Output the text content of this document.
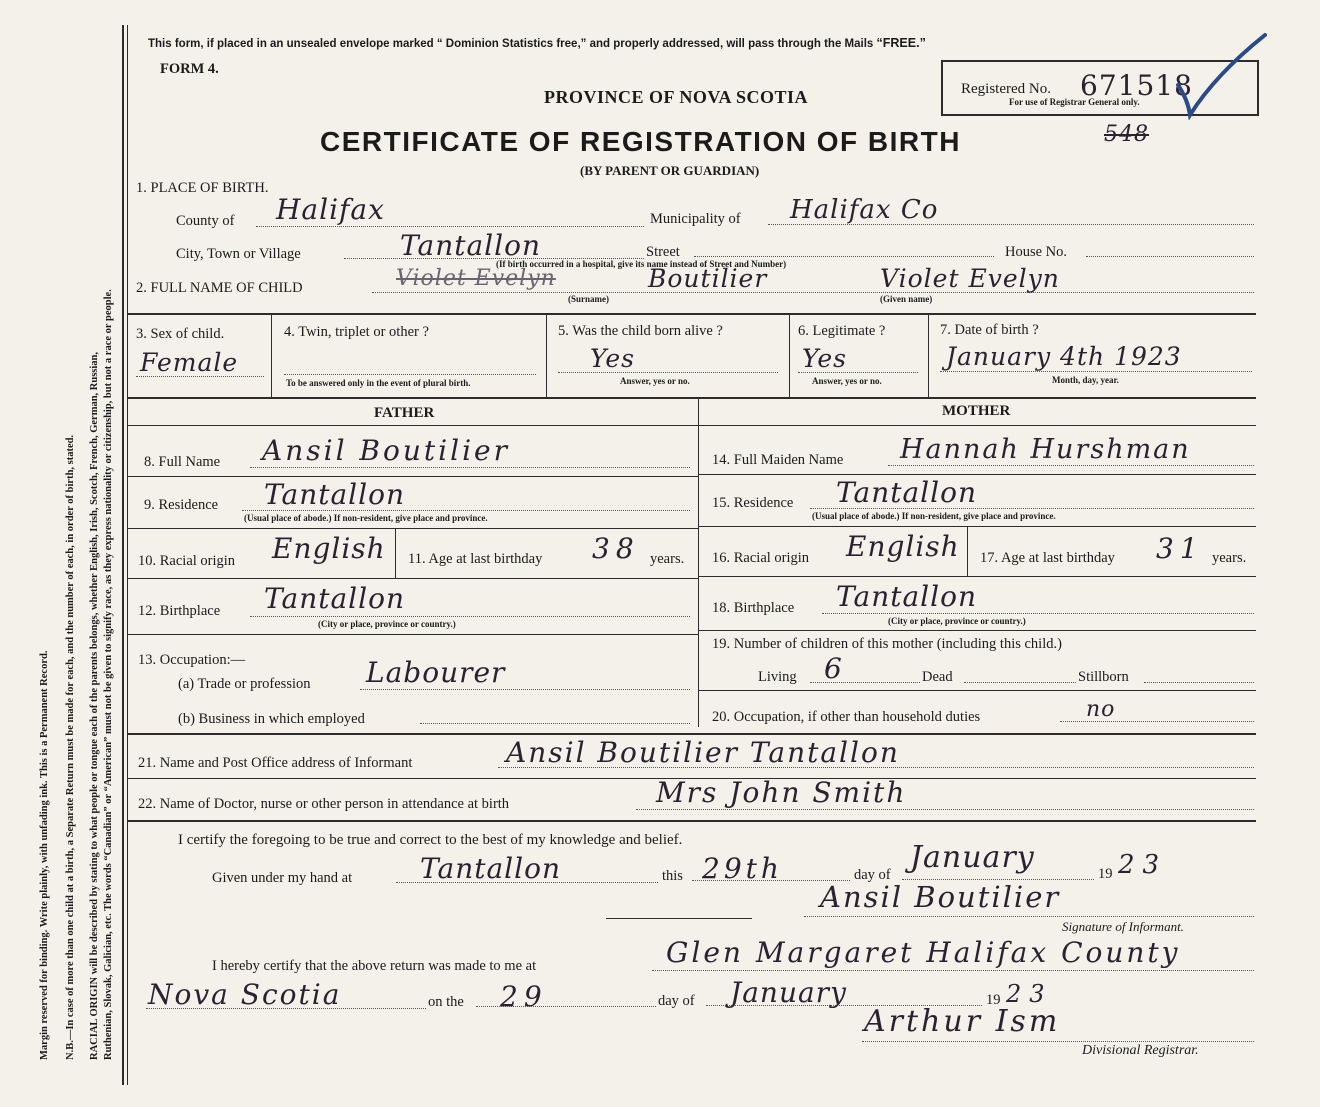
Margin reserved for binding. Write plainly, with unfading ink. This is a Permanent Record.	N.B.—In case of more than one child at a birth, a Separate Return must be made for each, and the number of each, in order of birth, stated.	RACIAL ORIGIN will be described by stating to what people or tongue each of the parents belongs, whether English, Irish, Scotch, French, German, Russian, Ruthenian, Slovak, Galician, etc. The words “Canadian” or “American” must not be given to signify race, as they express nationality or citizenship, but not a race or people.
This form, if placed in an unsealed envelope marked “ Dominion Statistics free,” and properly addressed, will pass through the Mails “FREE.”
FORM 4.
PROVINCE OF NOVA SCOTIA
CERTIFICATE OF REGISTRATION OF BIRTH
(BY PARENT OR GUARDIAN)
Registered No. 671518
For use of Registrar General only.
548
1. PLACE OF BIRTH.
County of Halifax	Municipality of Halifax Co
City, Town or Village	Tantallon	Street	House No.
(If birth occurred in a hospital, give its name instead of Street and Number)
2. FULL NAME OF CHILD	Violet Evelyn	Boutilier	Violet Evelyn
(Surname)	(Given name)
3. Sex of child.
Female
4. Twin, triplet or other ?
To be answered only in the event of plural birth.
5. Was the child born alive ?
Yes
Answer, yes or no.
6. Legitimate ?
Yes
Answer, yes or no.
7. Date of birth ?
January 4th 1923
Month, day, year.
FATHER	MOTHER
8. Full Name Ansil Boutilier
9. Residence Tantallon
(Usual place of abode.) If non-resident, give place and province.
10. Racial origin English 11. Age at last birthday 38 years.
12. Birthplace Tantallon
(City or place, province or country.)
13. Occupation:—
(a) Trade or profession Labourer
(b) Business in which employed
14. Full Maiden Name Hannah Hurshman
15. Residence Tantallon
(Usual place of abode.) If non-resident, give place and province.
16. Racial origin English 17. Age at last birthday 31 years.
18. Birthplace Tantallon
(City or place, province or country.)
19. Number of children of this mother (including this child.)
Living 6	Dead	Stillborn
20. Occupation, if other than household duties	no
21. Name and Post Office address of Informant	Ansil Boutilier Tantallon
22. Name of Doctor, nurse or other person in attendance at birth	Mrs John Smith
I certify the foregoing to be true and correct to the best of my knowledge and belief.
Given under my hand at Tantallon	this 29th	day of January	19 23
Ansil Boutilier
Signature of Informant.
I hereby certify that the above return was made to me at	Glen Margaret Halifax County
Nova Scotia	on the 29	day of January	19 23
Arthur Ism
Divisional Registrar.
